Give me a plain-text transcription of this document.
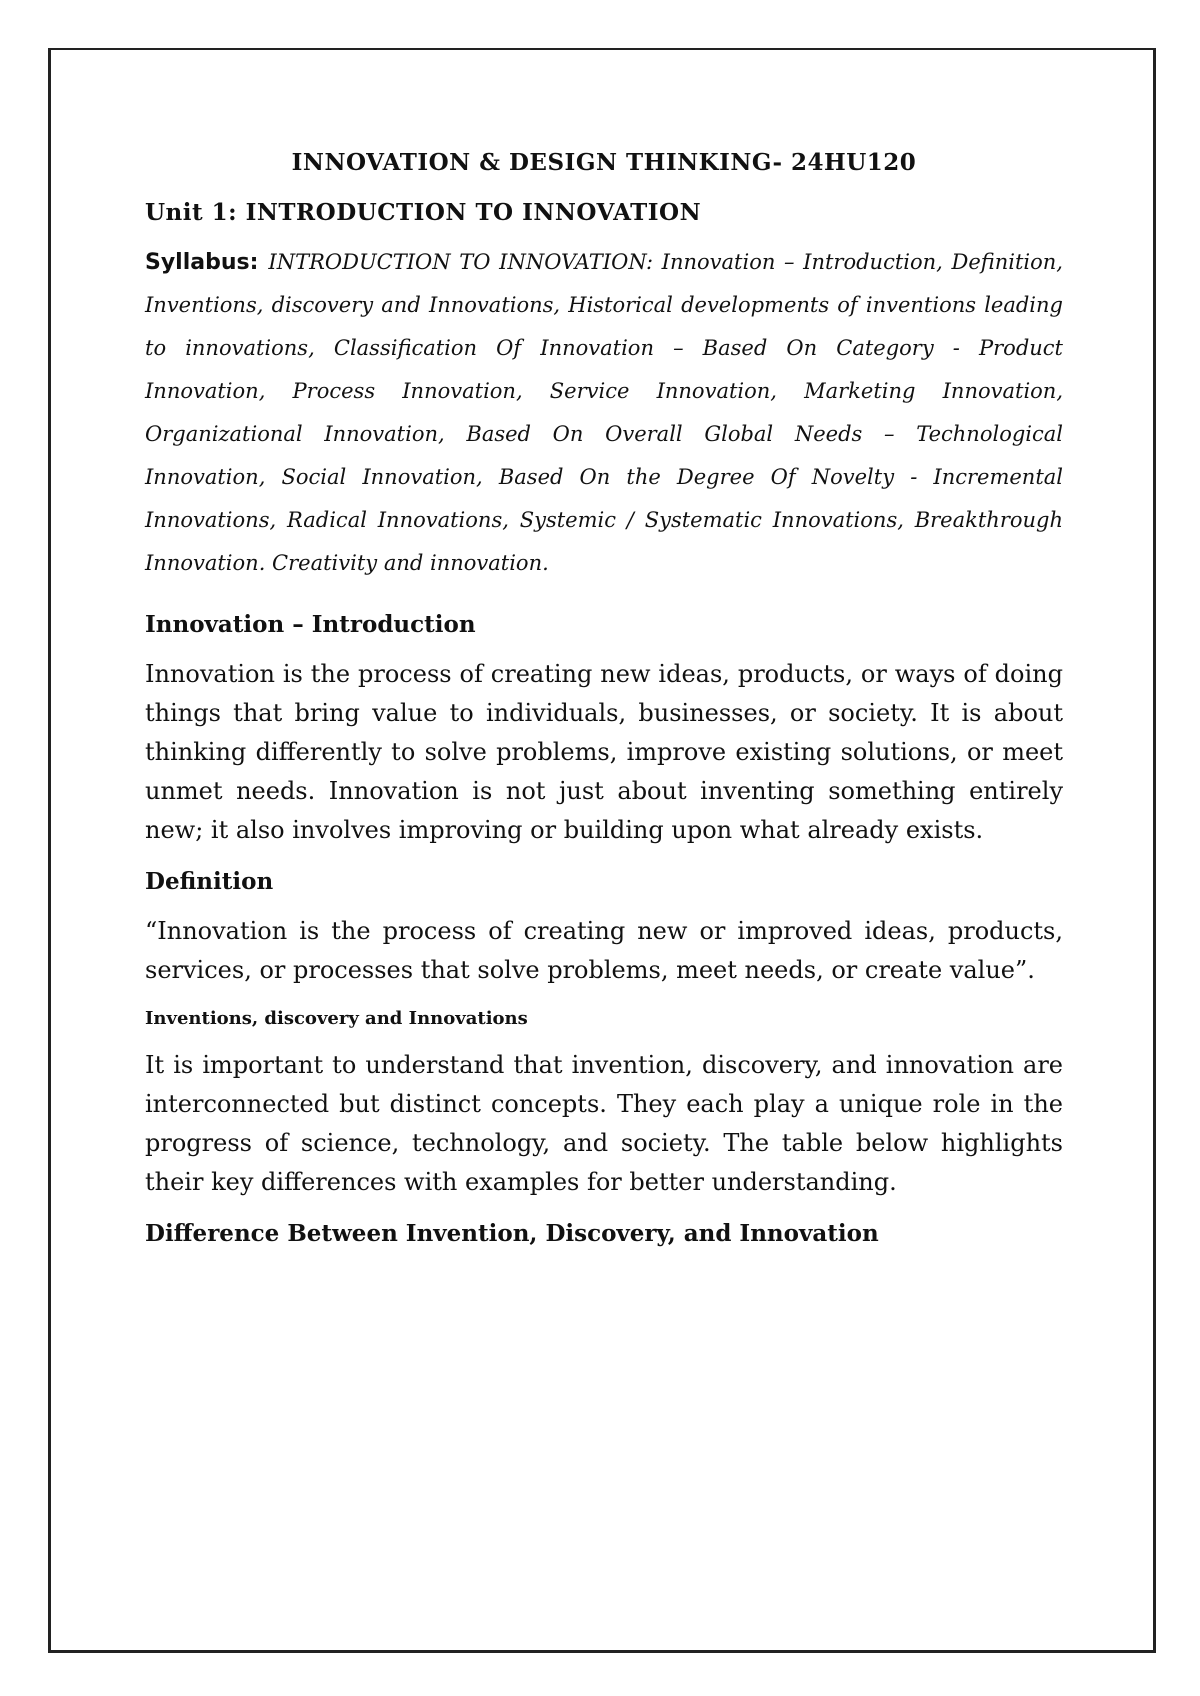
INNOVATION & DESIGN THINKING- 24HU120
Unit 1: INTRODUCTION TO INNOVATION

Syllabus: INTRODUCTION TO INNOVATION: Innovation – Introduction, Definition, Inventions, discovery and Innovations, Historical developments of inventions leading to innovations, Classification Of Innovation – Based On Category - Product Innovation, Process Innovation, Service Innovation, Marketing Innovation, Organizational Innovation, Based On Overall Global Needs – Technological Innovation, Social Innovation, Based On the Degree Of Novelty - Incremental Innovations, Radical Innovations, Systemic / Systematic Innovations, Breakthrough Innovation. Creativity and innovation.

Innovation – Introduction

Innovation is the process of creating new ideas, products, or ways of doing things that bring value to individuals, businesses, or society. It is about thinking differently to solve problems, improve existing solutions, or meet unmet needs. Innovation is not just about inventing something entirely new; it also involves improving or building upon what already exists.

Definition

“Innovation is the process of creating new or improved ideas, products, services, or processes that solve problems, meet needs, or create value”.

Inventions, discovery and Innovations

It is important to understand that invention, discovery, and innovation are interconnected but distinct concepts. They each play a unique role in the progress of science, technology, and society. The table below highlights their key differences with examples for better understanding.

Difference Between Invention, Discovery, and Innovation
